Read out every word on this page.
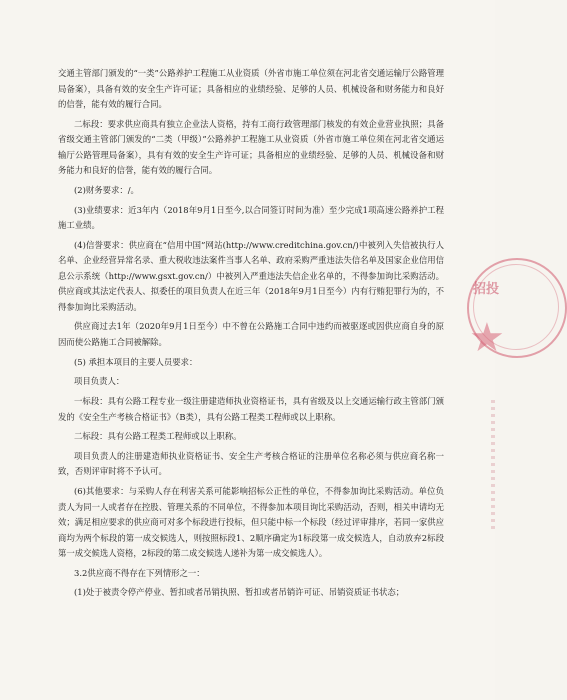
交通主管部门颁发的“一类”公路养护工程施工从业资质（外省市施工单位须在河北省交通运输厅公路管理局备案），具备有效的安全生产许可证；具备相应的业绩经验、足够的人员、机械设备和财务能力和良好的信誉，能有效的履行合同。

二标段：要求供应商具有独立企业法人资格，持有工商行政管理部门核发的有效企业营业执照；具备省级交通主管部门颁发的“二类（甲级）”公路养护工程施工从业资质（外省市施工单位须在河北省交通运输厅公路管理局备案），具有有效的安全生产许可证；具备相应的业绩经验、足够的人员、机械设备和财务能力和良好的信誉，能有效的履行合同。

(2)财务要求：/。

(3)业绩要求：近3年内（2018年9月1日至今,以合同签订时间为准）至少完成1项高速公路养护工程施工业绩。

(4)信誉要求：供应商在“信用中国”网站(http://www.creditchina.gov.cn/)中被列入失信被执行人名单、企业经营异常名录、重大税收违法案件当事人名单、政府采购严重违法失信名单及国家企业信用信息公示系统（http://www.gsxt.gov.cn/）中被列入严重违法失信企业名单的，不得参加询比采购活动。供应商或其法定代表人、拟委任的项目负责人在近三年（2018年9月1日至今）内有行贿犯罪行为的，不得参加询比采购活动。

供应商过去1年（2020年9月1日至今）中不曾在公路施工合同中违约而被驱逐或因供应商自身的原因而使公路施工合同被解除。

(5) 承担本项目的主要人员要求：

项目负责人：

一标段：具有公路工程专业一级注册建造师执业资格证书，具有省级及以上交通运输行政主管部门颁发的《安全生产考核合格证书》（B类），具有公路工程类工程师或以上职称。

二标段：具有公路工程类工程师或以上职称。

项目负责人的注册建造师执业资格证书、安全生产考核合格证的注册单位名称必须与供应商名称一致，否则评审时将不予认可。

(6)其他要求：与采购人存在利害关系可能影响招标公正性的单位，不得参加询比采购活动。单位负责人为同一人或者存在控股、管理关系的不同单位，不得参加本项目询比采购活动，否则，相关申请均无效；满足相应要求的供应商可对多个标段进行投标，但只能中标一个标段（经过评审排序，若同一家供应商均为两个标段的第一成交候选人，则按照标段1、2顺序确定为1标段第一成交候选人，自动放弃2标段第一成交候选人资格，2标段的第二成交候选人递补为第一成交候选人）。

3.2供应商不得存在下列情形之一：

(1)处于被责令停产停业、暂扣或者吊销执照、暂扣或者吊销许可证、吊销资质证书状态；

招投
★
